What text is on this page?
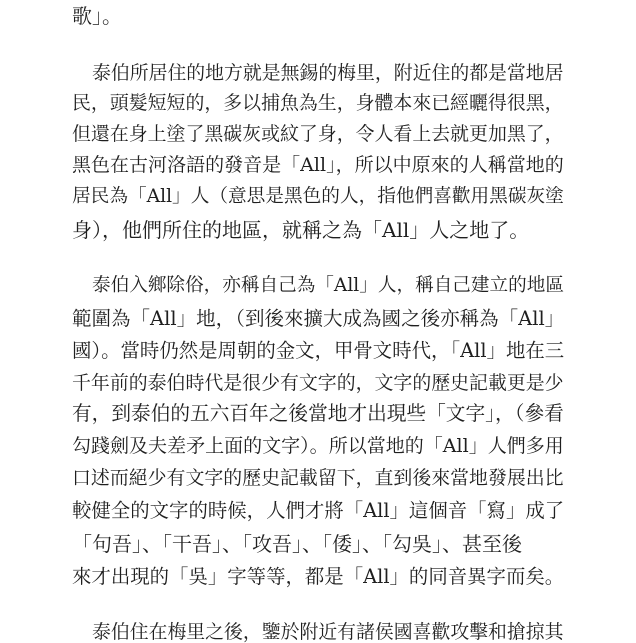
歌」。

泰伯所居住的地方就是無錫的梅里，附近住的都是當地居

民，頭髮短短的，多以捕魚為生，身體本來已經曬得很黑，

但還在身上塗了黑碳灰或紋了身，令人看上去就更加黑了，

黑色在古河洛語的發音是「All」，所以中原來的人稱當地的

居民為「All」人（意思是黑色的人，指他們喜歡用黑碳灰塗

身），他們所住的地區，就稱之為「All」人之地了。

泰伯入鄉除俗，亦稱自己為「All」人，稱自己建立的地區

範圍為「All」地，（到後來擴大成為國之後亦稱為「All」

國）。當時仍然是周朝的金文，甲骨文時代，「All」地在三

千年前的泰伯時代是很少有文字的，文字的歷史記載更是少

有，到泰伯的五六百年之後當地才出現些「文字」，（參看

勾踐劍及夫差矛上面的文字）。所以當地的「All」人們多用

口述而絕少有文字的歷史記載留下，直到後來當地發展出比

較健全的文字的時候，人們才將「All」這個音「寫」成了

「句吾」、「干吾」、「攻吾」、「倭」、「勾吳」、甚至後

來才出現的「吳」字等等，都是「All」的同音異字而矣。

泰伯住在梅里之後，鑒於附近有諸侯國喜歡攻擊和搶掠其
